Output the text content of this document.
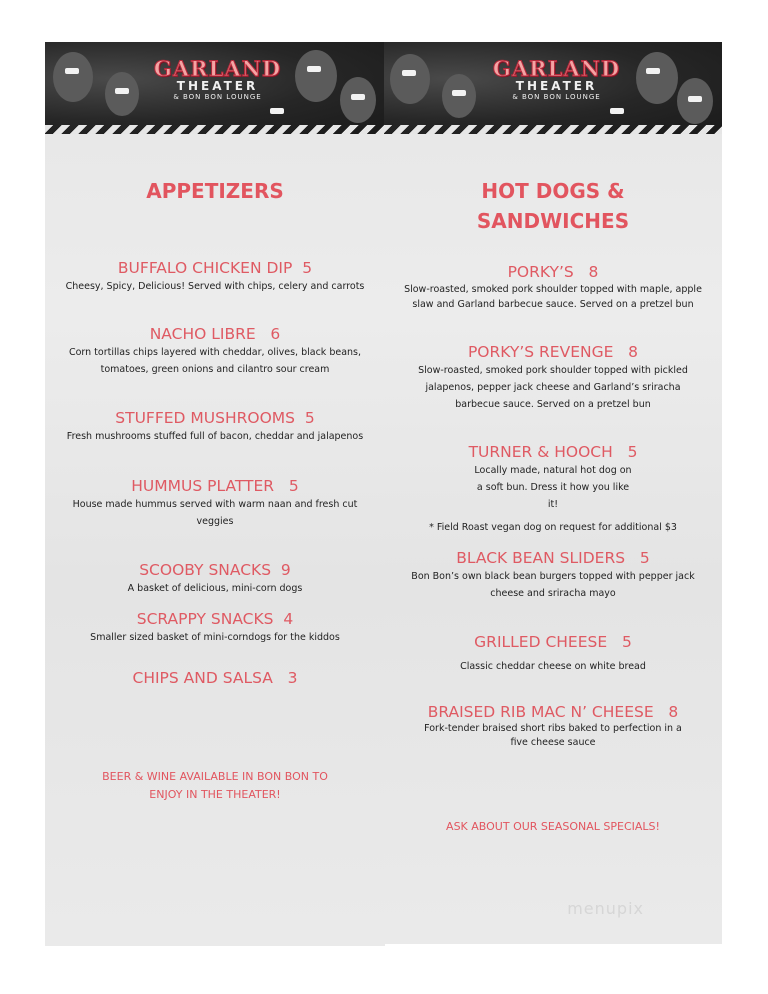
GARLAND
THEATER
& BON BON LOUNGE
APPETIZERS
BUFFALO CHICKEN DIP 5
Cheesy, Spicy, Delicious! Served with chips, celery and carrots
NACHO LIBRE 6
Corn tortillas chips layered with cheddar, olives, black beans, tomatoes, green onions and cilantro sour cream
STUFFED MUSHROOMS 5
Fresh mushrooms stuffed full of bacon, cheddar and jalapenos
HUMMUS PLATTER 5
House made hummus served with warm naan and fresh cut veggies
SCOOBY SNACKS 9
A basket of delicious, mini-corn dogs
SCRAPPY SNACKS 4
Smaller sized basket of mini-corndogs for the kiddos
CHIPS AND SALSA 3
BEER & WINE AVAILABLE IN BON BON TO ENJOY IN THE THEATER!
GARLAND
THEATER
& BON BON LOUNGE
HOT DOGS & SANDWICHES
PORKY’S 8
Slow-roasted, smoked pork shoulder topped with maple, apple slaw and Garland barbecue sauce. Served on a pretzel bun
PORKY’S REVENGE 8
Slow-roasted, smoked pork shoulder topped with pickled jalapenos, pepper jack cheese and Garland’s sriracha barbecue sauce. Served on a pretzel bun
TURNER & HOOCH 5
Locally made, natural hot dog on a soft bun. Dress it how you like it!
* Field Roast vegan dog on request for additional $3
BLACK BEAN SLIDERS 5
Bon Bon’s own black bean burgers topped with pepper jack cheese and sriracha mayo
GRILLED CHEESE 5
Classic cheddar cheese on white bread
BRAISED RIB MAC N’ CHEESE 8
Fork-tender braised short ribs baked to perfection in a five cheese sauce
ASK ABOUT OUR SEASONAL SPECIALS!
menupix
